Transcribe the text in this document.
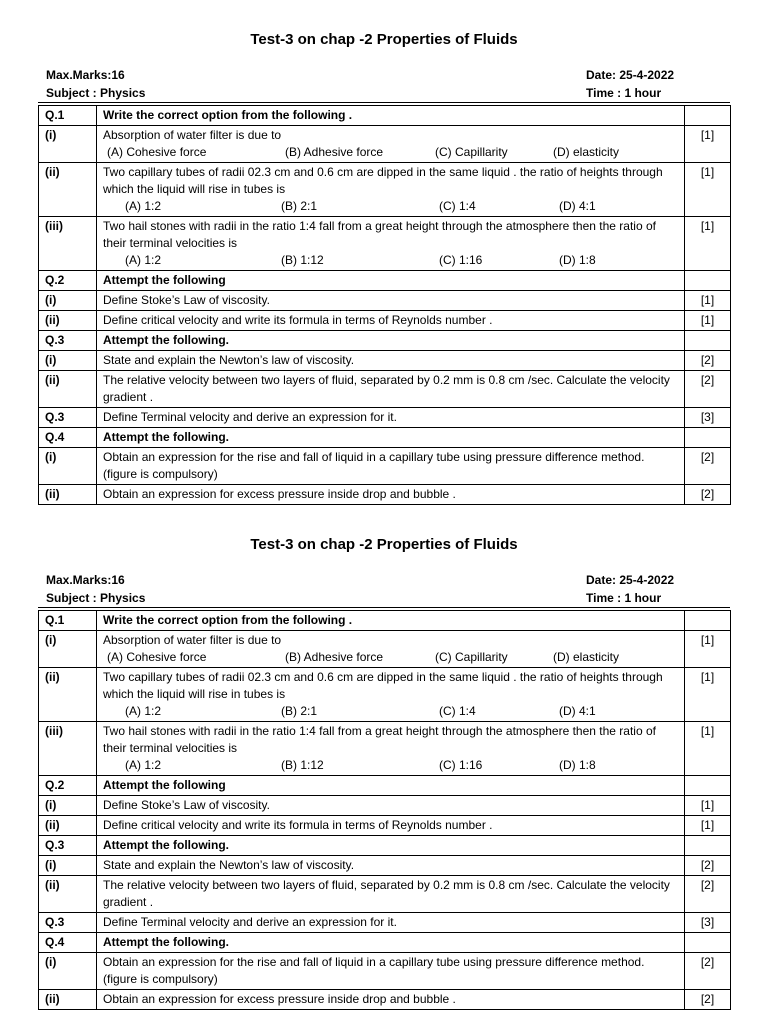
Test-3 on chap -2 Properties of Fluids
Max.Marks:16
Subject : Physics
Date: 25-4-2022
Time : 1 hour
Q.1	Write the correct option from the following .	
(i)	Absorption of water filter is due to
(A) Cohesive force (B) Adhesive force (C) Capillarity (D) elasticity	[1]
(ii)	Two capillary tubes of radii 02.3 cm and 0.6 cm are dipped in the same liquid . the ratio of heights through which the liquid will rise in tubes is
(A) 1:2 (B) 2:1 (C) 1:4 (D) 4:1	[1]
(iii)	Two hail stones with radii in the ratio 1:4 fall from a great height through the atmosphere then the ratio of their terminal velocities is
(A) 1:2 (B) 1:12 (C) 1:16 (D) 1:8	[1]
Q.2	Attempt the following	
(i)	Define Stoke’s Law of viscosity.	[1]
(ii)	Define critical velocity and write its formula in terms of Reynolds number .	[1]
Q.3	Attempt the following.	
(i)	State and explain the Newton’s law of viscosity.	[2]
(ii)	The relative velocity between two layers of fluid, separated by 0.2 mm is 0.8 cm /sec. Calculate the velocity gradient .	[2]
Q.3	Define Terminal velocity and derive an expression for it.	[3]
Q.4	Attempt the following.	
(i)	Obtain an expression for the rise and fall of liquid in a capillary tube using pressure difference method. (figure is compulsory)	[2]
(ii)	Obtain an expression for excess pressure inside drop and bubble .	[2]
Test-3 on chap -2 Properties of Fluids
Max.Marks:16
Subject : Physics
Date: 25-4-2022
Time : 1 hour
Q.1	Write the correct option from the following .	
(i)	Absorption of water filter is due to
(A) Cohesive force (B) Adhesive force (C) Capillarity (D) elasticity	[1]
(ii)	Two capillary tubes of radii 02.3 cm and 0.6 cm are dipped in the same liquid . the ratio of heights through which the liquid will rise in tubes is
(A) 1:2 (B) 2:1 (C) 1:4 (D) 4:1	[1]
(iii)	Two hail stones with radii in the ratio 1:4 fall from a great height through the atmosphere then the ratio of their terminal velocities is
(A) 1:2 (B) 1:12 (C) 1:16 (D) 1:8	[1]
Q.2	Attempt the following	
(i)	Define Stoke’s Law of viscosity.	[1]
(ii)	Define critical velocity and write its formula in terms of Reynolds number .	[1]
Q.3	Attempt the following.	
(i)	State and explain the Newton’s law of viscosity.	[2]
(ii)	The relative velocity between two layers of fluid, separated by 0.2 mm is 0.8 cm /sec. Calculate the velocity gradient .	[2]
Q.3	Define Terminal velocity and derive an expression for it.	[3]
Q.4	Attempt the following.	
(i)	Obtain an expression for the rise and fall of liquid in a capillary tube using pressure difference method. (figure is compulsory)	[2]
(ii)	Obtain an expression for excess pressure inside drop and bubble .	[2]
